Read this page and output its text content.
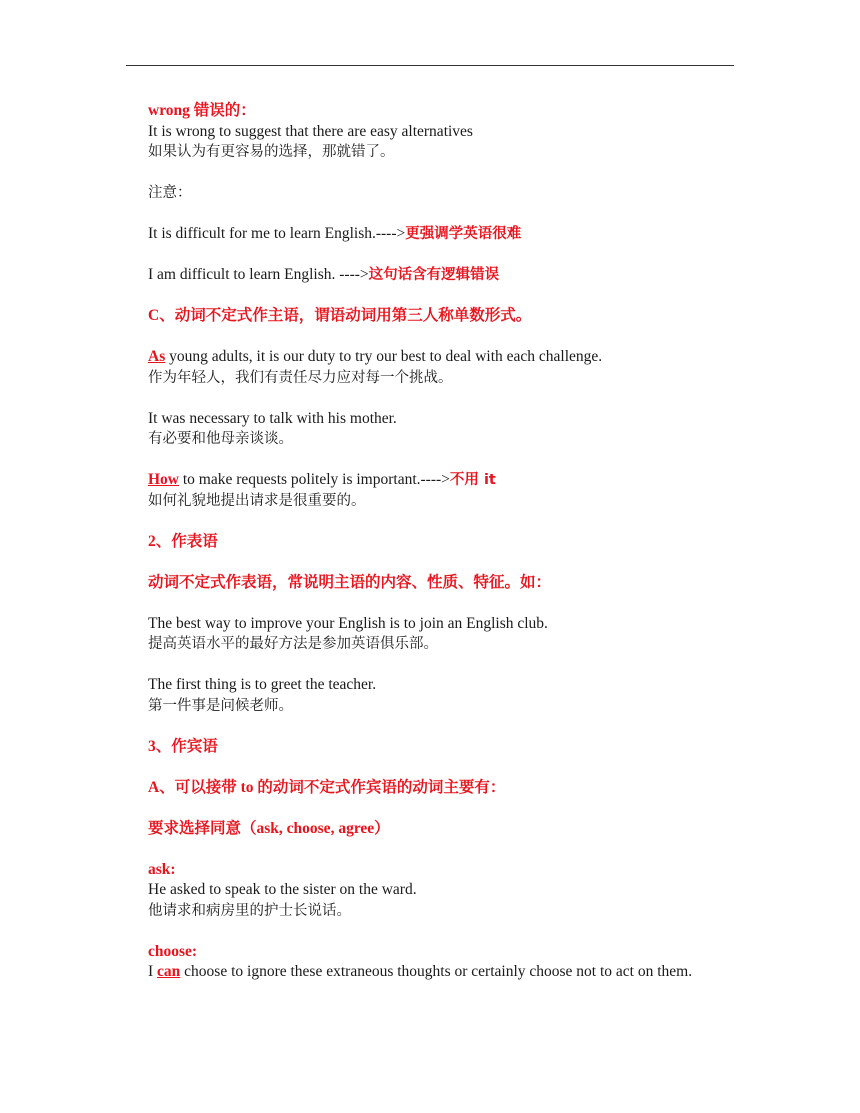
wrong 错误的：
It is wrong to suggest that there are easy alternatives
如果认为有更容易的选择，那就错了。

注意：

It is difficult for me to learn English.---->更强调学英语很难

I am difficult to learn English. ---->这句话含有逻辑错误

C、动词不定式作主语，谓语动词用第三人称单数形式。

As young adults, it is our duty to try our best to deal with each challenge.
作为年轻人，我们有责任尽力应对每一个挑战。

It was necessary to talk with his mother.
有必要和他母亲谈谈。

How to make requests politely is important.---->不用 it
如何礼貌地提出请求是很重要的。

2、作表语

动词不定式作表语，常说明主语的内容、性质、特征。如：

The best way to improve your English is to join an English club.
提高英语水平的最好方法是参加英语俱乐部。

The first thing is to greet the teacher.
第一件事是问候老师。

3、作宾语

A、可以接带 to 的动词不定式作宾语的动词主要有：

要求选择同意（ask, choose, agree）

ask:
He asked to speak to the sister on the ward.
他请求和病房里的护士长说话。

choose:
I can choose to ignore these extraneous thoughts or certainly choose not to act on them.
